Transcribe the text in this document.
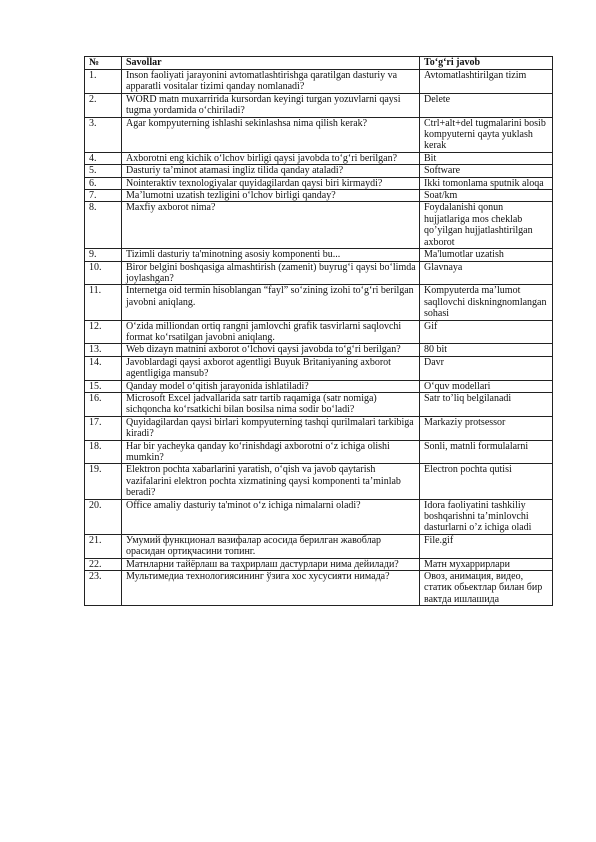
№	Savollar	To‘g‘ri javob
1.	Inson faoliyati jarayonini avtomatlashtirishga qaratilgan dasturiy va apparatli vositalar tizimi qanday nomlanadi?	Avtomatlashtirilgan tizim
2.	WORD matn muxarririda kursordan keyingi turgan yozuvlarni qaysi tugma yordamida o‘chiriladi?	Delete
3.	Agar kompyuterning ishlashi sekinlashsa nima qilish kerak?	Ctrl+alt+del tugmalarini bosib kompyuterni qayta yuklash kerak
4.	Axborotni eng kichik o‘lchov birligi qaysi javobda to‘g‘ri berilgan?	Bit
5.	Dasturiy ta’minot atamasi ingliz tilida qanday ataladi?	Software
6.	Nointeraktiv texnologiyalar quyidagilardan qaysi biri kirmaydi?	Ikki tomonlama sputnik aloqa
7.	Ma’lumotni uzatish tezligini o‘lchov birligi qanday?	Soat/km
8.	Maxfiy axborot nima?	Foydalanishi qonun hujjatlariga mos cheklab qo’yilgan hujjatlashtirilgan axborot
9.	Tizimli dasturiy ta'minotning asosiy komponenti bu...	Ma'lumotlar uzatish
10.	Biror belgini boshqasiga almashtirish (zamenit) buyrug‘i qaysi bo‘limda joylashgan?	Glavnaya
11.	Internetga oid termin hisoblangan “fayl” so‘zining izohi to‘g‘ri berilgan javobni aniqlang.	Kompyuterda ma’lumot saqllovchi diskningnomlangan sohasi
12.	O‘zida milliondan ortiq rangni jamlovchi grafik tasvirlarni saqlovchi format ko‘rsatilgan javobni aniqlang.	Gif
13.	Web dizayn matnini axborot o‘lchovi qaysi javobda to‘g‘ri berilgan?	80 bit
14.	Javoblardagi qaysi axborot agentligi Buyuk Britaniyaning axborot agentligiga mansub?	Davr
15.	Qanday model o‘qitish jarayonida ishlatiladi?	O‘quv modellari
16.	Microsoft Excel jadvallarida satr tartib raqamiga (satr nomiga) sichqoncha ko‘rsatkichi bilan bosilsa nima sodir bo‘ladi?	Satr to’liq belgilanadi
17.	Quyidagilardan qaysi birlari kompyuterning tashqi qurilmalari tarkibiga kiradi?	Markaziy protsessor
18.	Har bir yacheyka qanday ko‘rinishdagi axborotni o‘z ichiga olishi mumkin?	Sonli, matnli formulalarni
19.	Elektron pochta xabarlarini yaratish, o‘qish va javob qaytarish vazifalarini elektron pochta xizmatining qaysi komponenti ta’minlab beradi?	Electron pochta qutisi
20.	Office amaliy dasturiy ta'minot o‘z ichiga nimalarni oladi?	Idora faoliyatini tashkiliy boshqarishni ta’minlovchi dasturlarni o’z ichiga oladi
21.	Умумий функционал вазифалар асосида берилган жавоблар орасидан ортиқчасини топинг.	File.gif
22.	Матнларни тайёрлаш ва таҳрирлаш дастурлари нима дейилади?	Матн мухаррирлари
23.	Мультимедиа технологиясининг ўзига хос хусусияти нимада?	Овоз, анимация, видео, статик обьектлар билан бир вактда ишлашида
